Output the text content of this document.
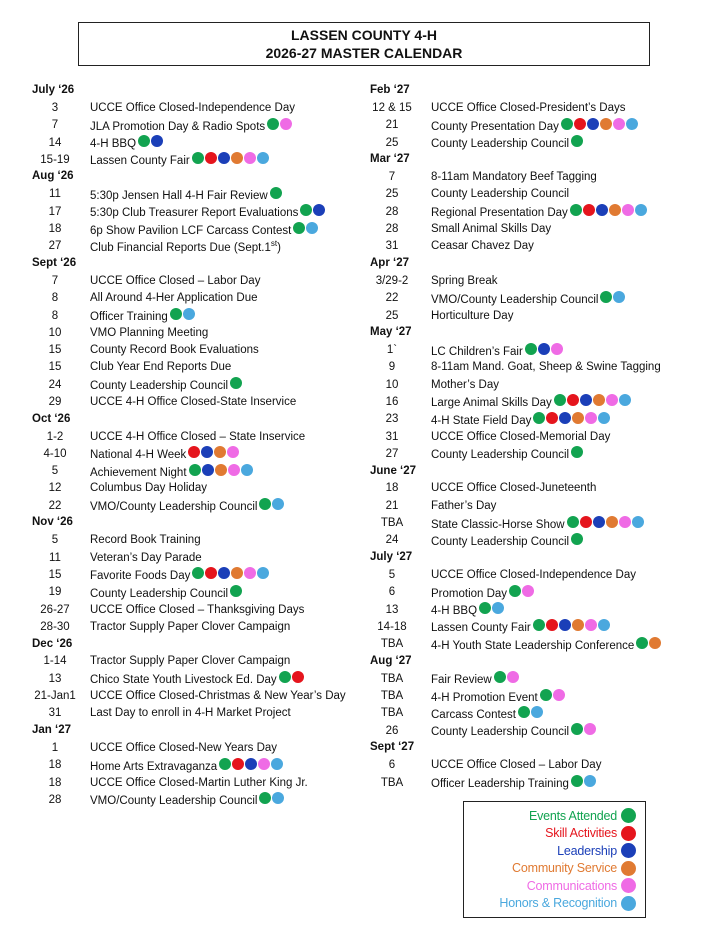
LASSEN COUNTY 4-H
2026-27 MASTER CALENDAR
July ‘26
3	UCCE Office Closed-Independence Day
7	JLA Promotion Day & Radio Spots
14	4-H BBQ
15-19	Lassen County Fair
Aug ‘26
11	5:30p Jensen Hall 4-H Fair Review
17	5:30p Club Treasurer Report Evaluations
18	6p Show Pavilion LCF Carcass Contest
27	Club Financial Reports Due (Sept.1st)
Sept ‘26
7	UCCE Office Closed – Labor Day
8	All Around 4-Her Application Due
8	Officer Training
10	VMO Planning Meeting
15	County Record Book Evaluations
15	Club Year End Reports Due
24	County Leadership Council
29	UCCE 4-H Office Closed-State Inservice
Oct ‘26
1-2	UCCE 4-H Office Closed – State Inservice
4-10	National 4-H Week
5	Achievement Night
12	Columbus Day Holiday
22	VMO/County Leadership Council
Nov ‘26
5	Record Book Training
11	Veteran’s Day Parade
15	Favorite Foods Day
19	County Leadership Council
26-27	UCCE Office Closed – Thanksgiving Days
28-30	Tractor Supply Paper Clover Campaign
Dec ‘26
1-14	Tractor Supply Paper Clover Campaign
13	Chico State Youth Livestock Ed. Day
21-Jan1	UCCE Office Closed-Christmas & New Year’s Day
31	Last Day to enroll in 4-H Market Project
Jan ‘27
1	UCCE Office Closed-New Years Day
18	Home Arts Extravaganza
18	UCCE Office Closed-Martin Luther King Jr.
28	VMO/County Leadership Council
Feb ‘27
12 & 15	UCCE Office Closed-President’s Days
21	County Presentation Day
25	County Leadership Council
Mar ‘27
7	8-11am Mandatory Beef Tagging
25	County Leadership Council
28	Regional Presentation Day
28	Small Animal Skills Day
31	Ceasar Chavez Day
Apr ‘27
3/29-2	Spring Break
22	VMO/County Leadership Council
25	Horticulture Day
May ‘27
1`	LC Children’s Fair
9	8-11am Mand. Goat, Sheep & Swine Tagging
10	Mother’s Day
16	Large Animal Skills Day
23	4-H State Field Day
31	UCCE Office Closed-Memorial Day
27	County Leadership Council
June ‘27
18	UCCE Office Closed-Juneteenth
21	Father’s Day
TBA	State Classic-Horse Show
24	County Leadership Council
July ‘27
5	UCCE Office Closed-Independence Day
6	Promotion Day
13	4-H BBQ
14-18	Lassen County Fair
TBA	4-H Youth State Leadership Conference
Aug ‘27
TBA	Fair Review
TBA	4-H Promotion Event
TBA	Carcass Contest
26	County Leadership Council
Sept ‘27
6	UCCE Office Closed – Labor Day
TBA	Officer Leadership Training
Events Attended
Skill Activities
Leadership
Community Service
Communications
Honors & Recognition
